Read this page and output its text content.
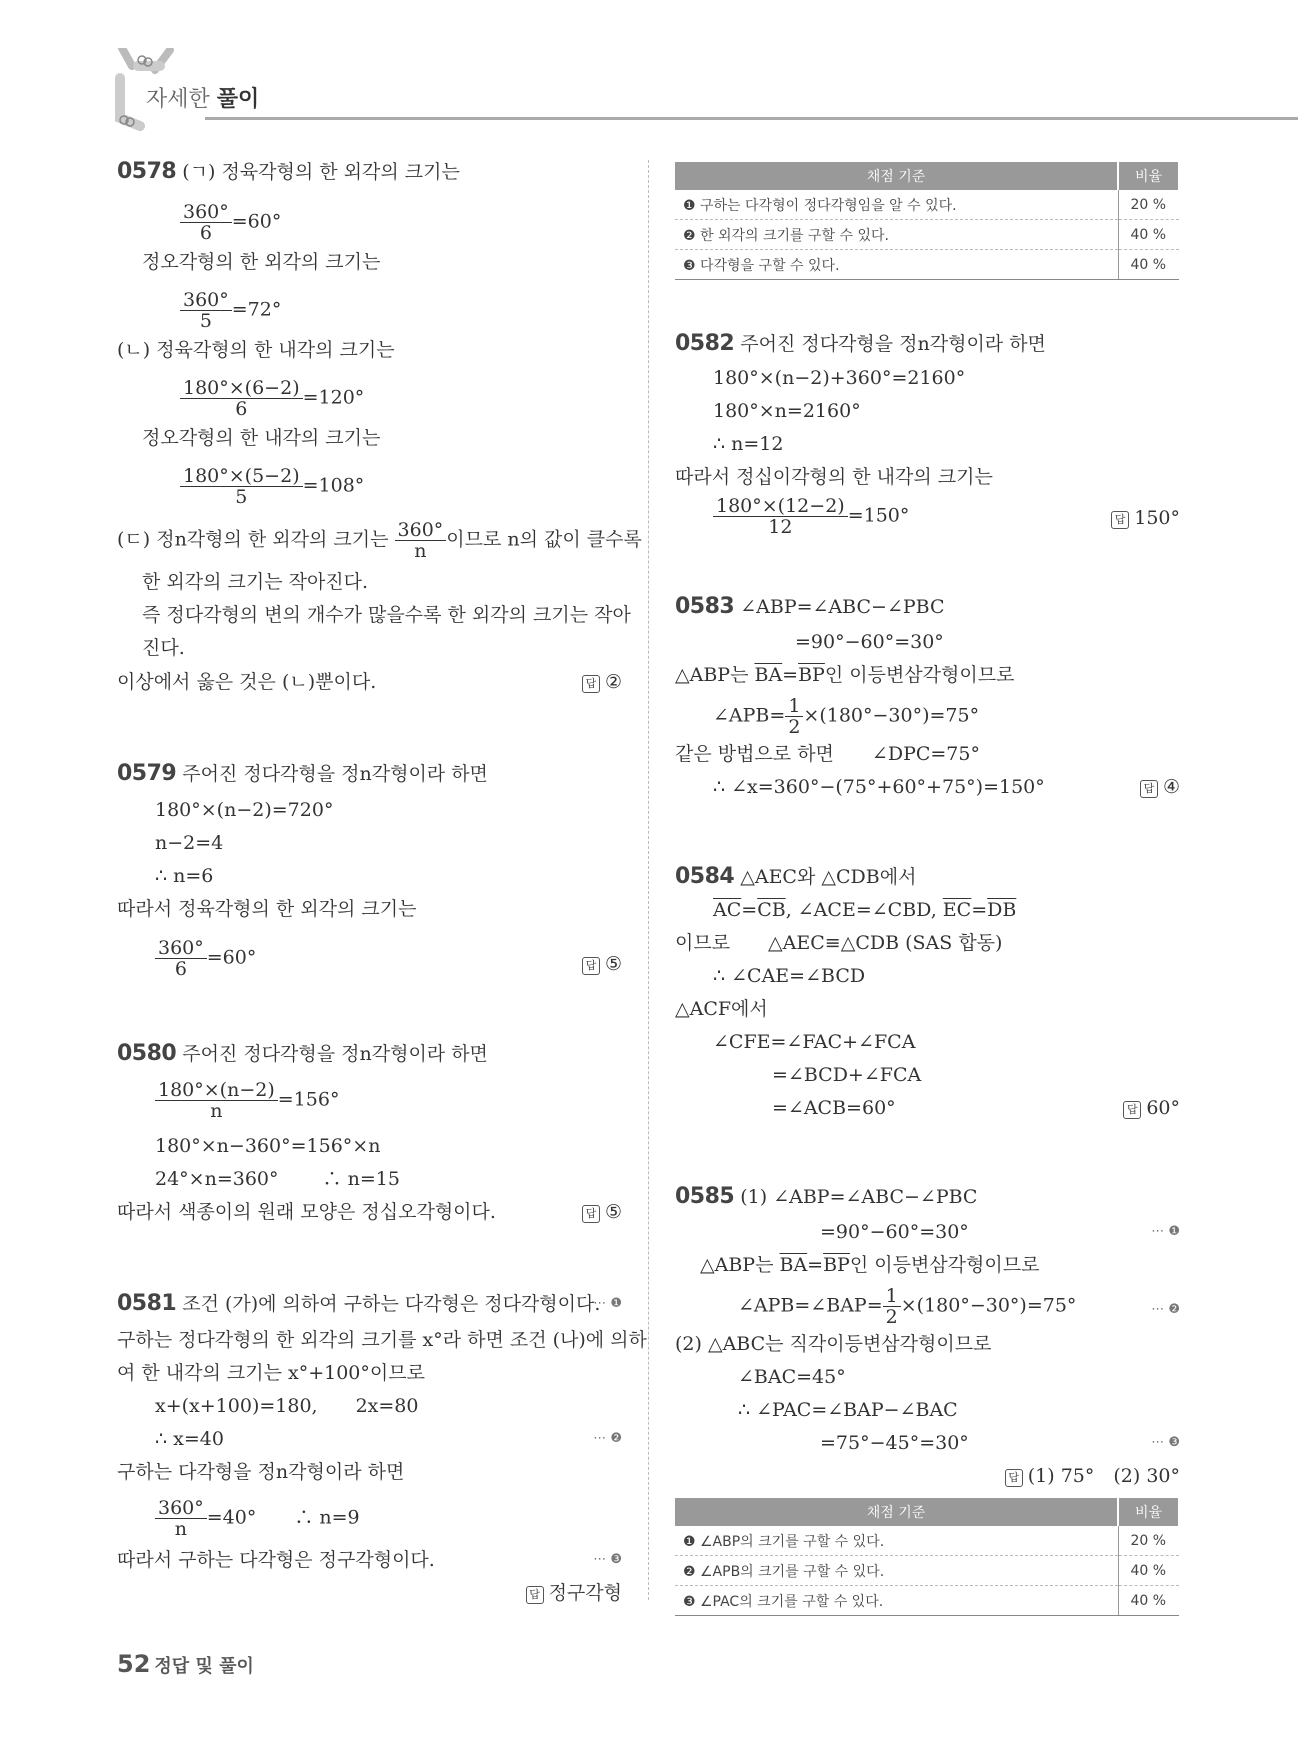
자세한 풀이
0578 (ㄱ) 정육각형의 한 외각의 크기는
$\frac{360^\circ}{6} =60^\circ$
정오각형의 한 외각의 크기는
$\frac{360^\circ}{5} =72^\circ$
(ㄴ) 정육각형의 한 내각의 크기는
$\frac{180^\circ\times(6-2)}{6} =120^\circ$
정오각형의 한 내각의 크기는
$\frac{180^\circ\times(5-2)}{5} =108^\circ$
(ㄷ) 정n각형의 한 외각의 크기는 $\frac{360^\circ}{n}$ 이므로 n의 값이 클수록
한 외각의 크기는 작아진다.
즉 정다각형의 변의 개수가 많을수록 한 외각의 크기는 작아
진다.
이상에서 옳은 것은 (ㄴ)뿐이다.	답 ②
0579 주어진 정다각형을 정n각형이라 하면
180°×(n−2)=720°
n−2=4
∴ n=6
따라서 정육각형의 한 외각의 크기는
$\frac{360^\circ}{6} =60^\circ$	답 ⑤
0580 주어진 정다각형을 정n각형이라 하면
$\frac{180^\circ\times(n-2)}{n} =156^\circ$
180°×n−360°=156°×n
24°×n=360°　　 ∴ n=15
따라서 색종이의 원래 모양은 정십오각형이다.	답 ⑤
0581 조건 (가)에 의하여 구하는 다각형은 정다각형이다.
⋯ ❶
구하는 정다각형의 한 외각의 크기를 x°라 하면 조건 (나)에 의하
여 한 내각의 크기는 x°+100°이므로
x+(x+100)=180,　　2x=80
∴ x=40	⋯ ❷
구하는 다각형을 정n각형이라 하면
$\frac{360^\circ}{n} =40^\circ$　　∴ n=9
따라서 구하는 다각형은 정구각형이다.	⋯ ❸
답 정구각형
채점 기준	비율
❶ 구하는 다각형이 정다각형임을 알 수 있다.	20 %
❷ 한 외각의 크기를 구할 수 있다.	40 %
❸ 다각형을 구할 수 있다.	40 %
0582 주어진 정다각형을 정n각형이라 하면
180°×(n−2)+360°=2160°
180°×n=2160°
∴ n=12
따라서 정십이각형의 한 내각의 크기는
$\frac{180^\circ\times(12-2)}{12} =150^\circ$	답 150°
0583 ∠ABP=∠ABC−∠PBC
=90°−60°=30°
△ABP는 $\overline{BA}=\overline{BP}$인 이등변삼각형이므로
∠APB= $\frac{1}{2} \times(180^\circ-30^\circ)=75^\circ$
같은 방법으로 하면　　∠DPC=75°
∴ ∠x=360°−(75°+60°+75°)=150°	답 ④
0584 △AEC와 △CDB에서
$\overline{AC}=\overline{CB}$, ∠ACE=∠CBD, $\overline{EC}=\overline{DB}$
이므로　　△AEC≡△CDB (SAS 합동)
∴ ∠CAE=∠BCD
△ACF에서
∠CFE=∠FAC+∠FCA
=∠BCD+∠FCA
=∠ACB=60°	답 60°
0585 (1) ∠ABP=∠ABC−∠PBC
=90°−60°=30°	⋯ ❶
△ABP는 $\overline{BA}=\overline{BP}$인 이등변삼각형이므로
∠APB=∠BAP= $\frac{1}{2} \times(180^\circ-30^\circ)=75^\circ$	⋯ ❷
(2) △ABC는 직각이등변삼각형이므로
∠BAC=45°
∴ ∠PAC=∠BAP−∠BAC
=75°−45°=30°	⋯ ❸
답 (1) 75°　(2) 30°
채점 기준	비율
❶ ∠ABP의 크기를 구할 수 있다.	20 %
❷ ∠APB의 크기를 구할 수 있다.	40 %
❸ ∠PAC의 크기를 구할 수 있다.	40 %
52 정답 및 풀이
